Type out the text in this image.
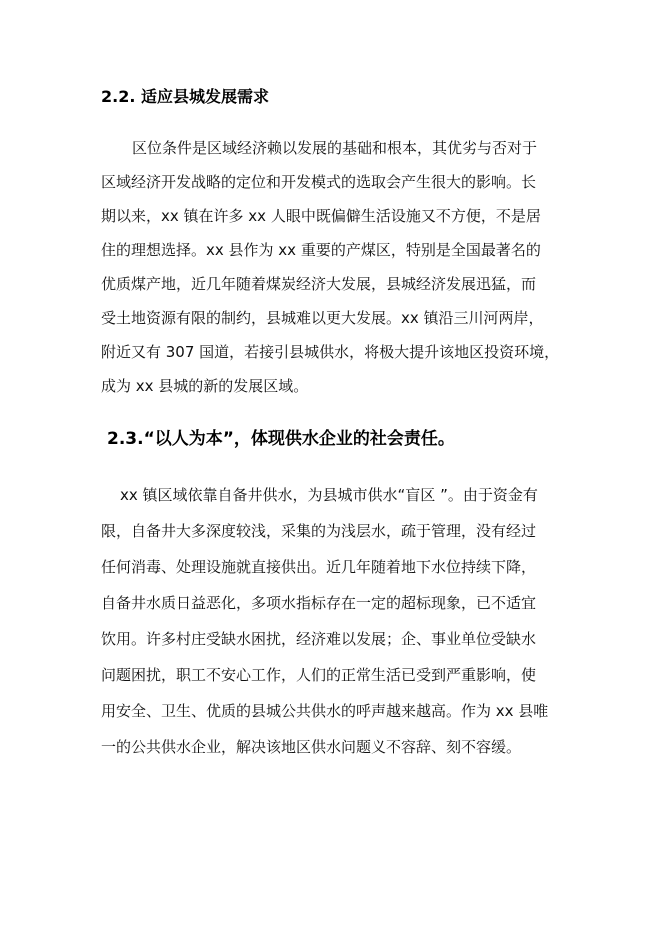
2.2. 适应县城发展需求
区位条件是区域经济赖以发展的基础和根本，其优劣与否对于
区域经济开发战略的定位和开发模式的选取会产生很大的影响。长
期以来，xx 镇在许多 xx 人眼中既偏僻生活设施又不方便，不是居
住的理想选择。xx 县作为 xx 重要的产煤区，特别是全国最著名的
优质煤产地，近几年随着煤炭经济大发展，县城经济发展迅猛，而
受土地资源有限的制约，县城难以更大发展。xx 镇沿三川河两岸，
附近又有 307 国道，若接引县城供水，将极大提升该地区投资环境，
成为 xx 县城的新的发展区域。
2.3.“以人为本”，体现供水企业的社会责任。
xx 镇区域依靠自备井供水，为县城市供水“盲区 ”。由于资金有
限，自备井大多深度较浅，采集的为浅层水，疏于管理，没有经过
任何消毒、处理设施就直接供出。近几年随着地下水位持续下降，
自备井水质日益恶化，多项水指标存在一定的超标现象，已不适宜
饮用。许多村庄受缺水困扰，经济难以发展；企、事业单位受缺水
问题困扰，职工不安心工作，人们的正常生活已受到严重影响，使
用安全、卫生、优质的县城公共供水的呼声越来越高。作为 xx 县唯
一的公共供水企业，解决该地区供水问题义不容辞、刻不容缓。
